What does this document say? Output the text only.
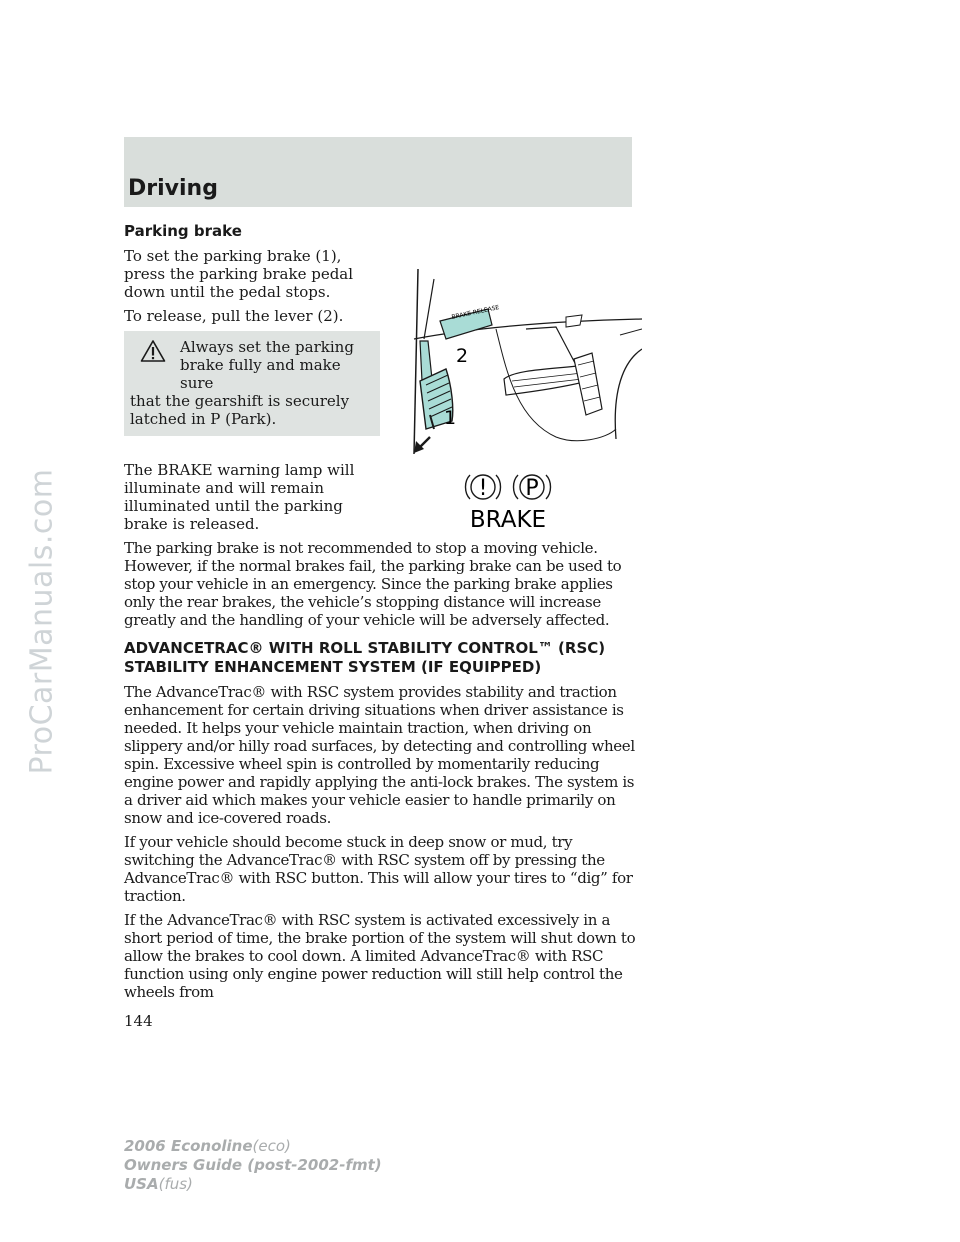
ProCarManuals.com
Driving
Parking brake

To set the parking brake (1), press the parking brake pedal down until the pedal stops.

To release, pull the lever (2).

Always set the parking
brake fully and make sure
that the gearshift is securely latched in P (Park).
BRAKE RELEASE
2
1

The BRAKE warning lamp will illuminate and will remain illuminated until the parking brake is released.

! P
BRAKE

The parking brake is not recommended to stop a moving vehicle. However, if the normal brakes fail, the parking brake can be used to stop your vehicle in an emergency. Since the parking brake applies only the rear brakes, the vehicle’s stopping distance will increase greatly and the handling of your vehicle will be adversely affected.

ADVANCETRAC® WITH ROLL STABILITY CONTROL™ (RSC) STABILITY ENHANCEMENT SYSTEM (IF EQUIPPED)

The AdvanceTrac® with RSC system provides stability and traction enhancement for certain driving situations when driver assistance is needed. It helps your vehicle maintain traction, when driving on slippery and/or hilly road surfaces, by detecting and controlling wheel spin. Excessive wheel spin is controlled by momentarily reducing engine power and rapidly applying the anti-lock brakes. The system is a driver aid which makes your vehicle easier to handle primarily on snow and ice-covered roads.

If your vehicle should become stuck in deep snow or mud, try switching the AdvanceTrac® with RSC system off by pressing the AdvanceTrac® with RSC button. This will allow your tires to “dig” for traction.

If the AdvanceTrac® with RSC system is activated excessively in a short period of time, the brake portion of the system will shut down to allow the brakes to cool down. A limited AdvanceTrac® with RSC function using only engine power reduction will still help control the wheels from

144
2006 Econoline(eco)
Owners Guide (post-2002-fmt)
USA(fus)
